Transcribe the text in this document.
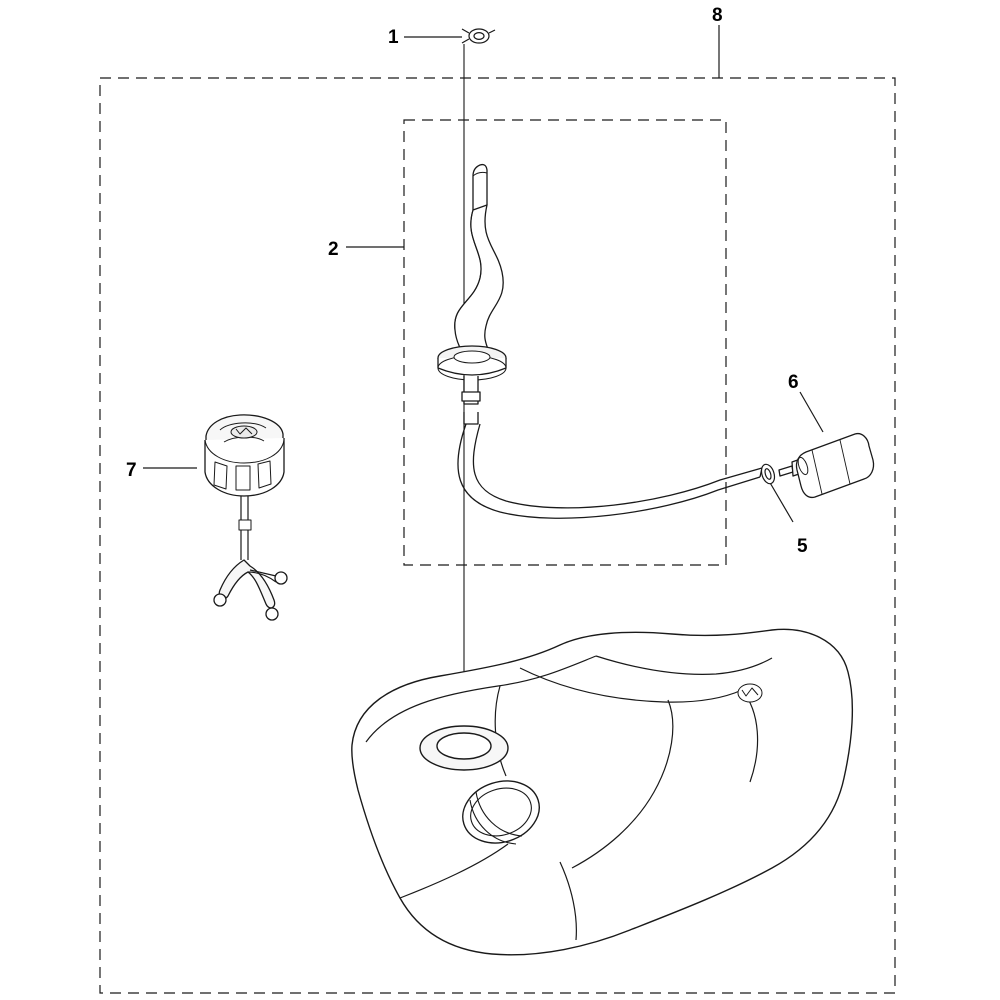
1
2
5
6
7
8
